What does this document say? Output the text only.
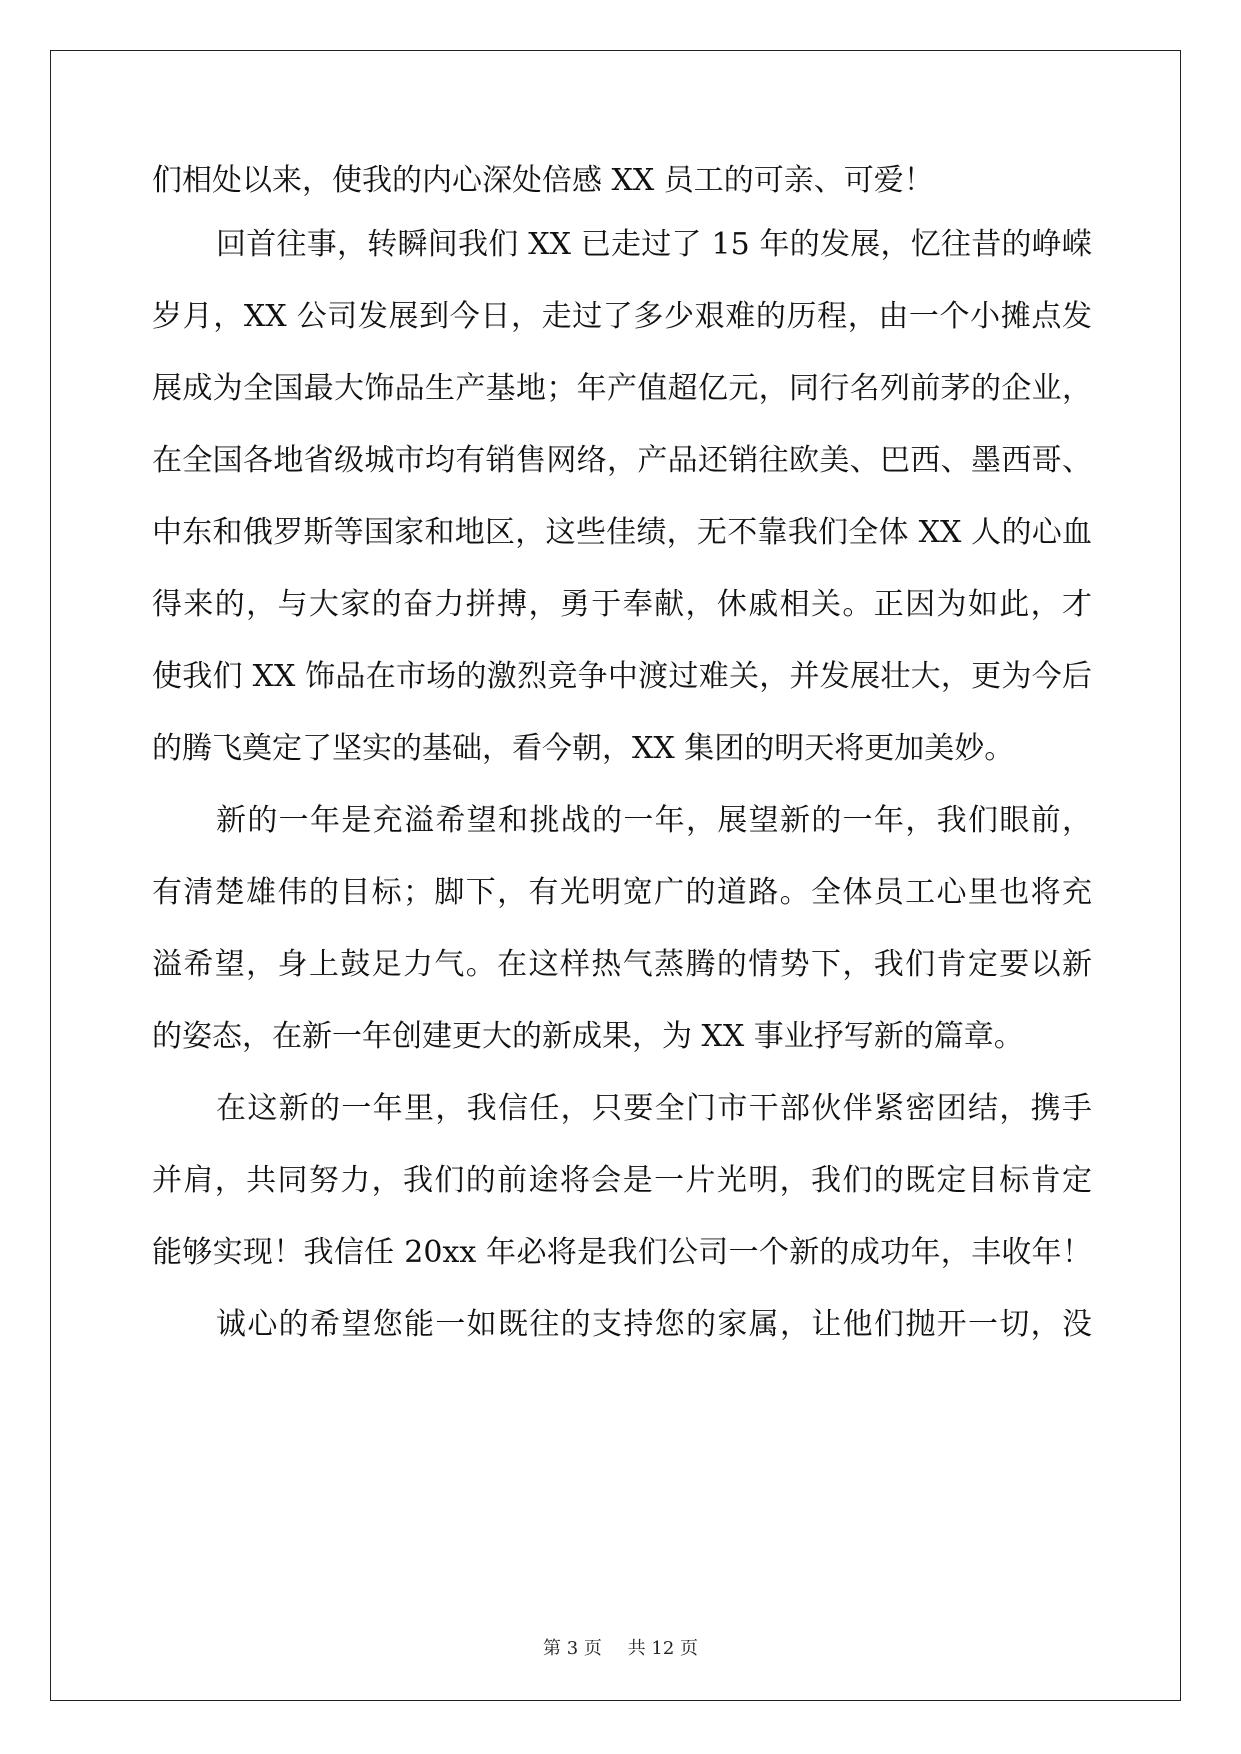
们相处以来，使我的内心深处倍感 XX 员工的可亲、可爱！
回首往事，转瞬间我们 XX 已走过了 15 年的发展，忆往昔的峥嵘
岁月，XX 公司发展到今日，走过了多少艰难的历程，由一个小摊点发
展成为全国最大饰品生产基地；年产值超亿元，同行名列前茅的企业，
在全国各地省级城市均有销售网络，产品还销往欧美、巴西、墨西哥、
中东和俄罗斯等国家和地区，这些佳绩，无不靠我们全体 XX 人的心血
得来的，与大家的奋力拼搏，勇于奉献，休戚相关。正因为如此，才
使我们 XX 饰品在市场的激烈竞争中渡过难关，并发展壮大，更为今后
的腾飞奠定了坚实的基础，看今朝，XX 集团的明天将更加美妙。
新的一年是充溢希望和挑战的一年，展望新的一年，我们眼前，
有清楚雄伟的目标；脚下，有光明宽广的道路。全体员工心里也将充
溢希望，身上鼓足力气。在这样热气蒸腾的情势下，我们肯定要以新
的姿态，在新一年创建更大的新成果，为 XX 事业抒写新的篇章。
在这新的一年里，我信任，只要全门市干部伙伴紧密团结，携手
并肩，共同努力，我们的前途将会是一片光明，我们的既定目标肯定
能够实现！我信任 20xx 年必将是我们公司一个新的成功年，丰收年！
诚心的希望您能一如既往的支持您的家属，让他们抛开一切，没
第 3 页 共 12 页
